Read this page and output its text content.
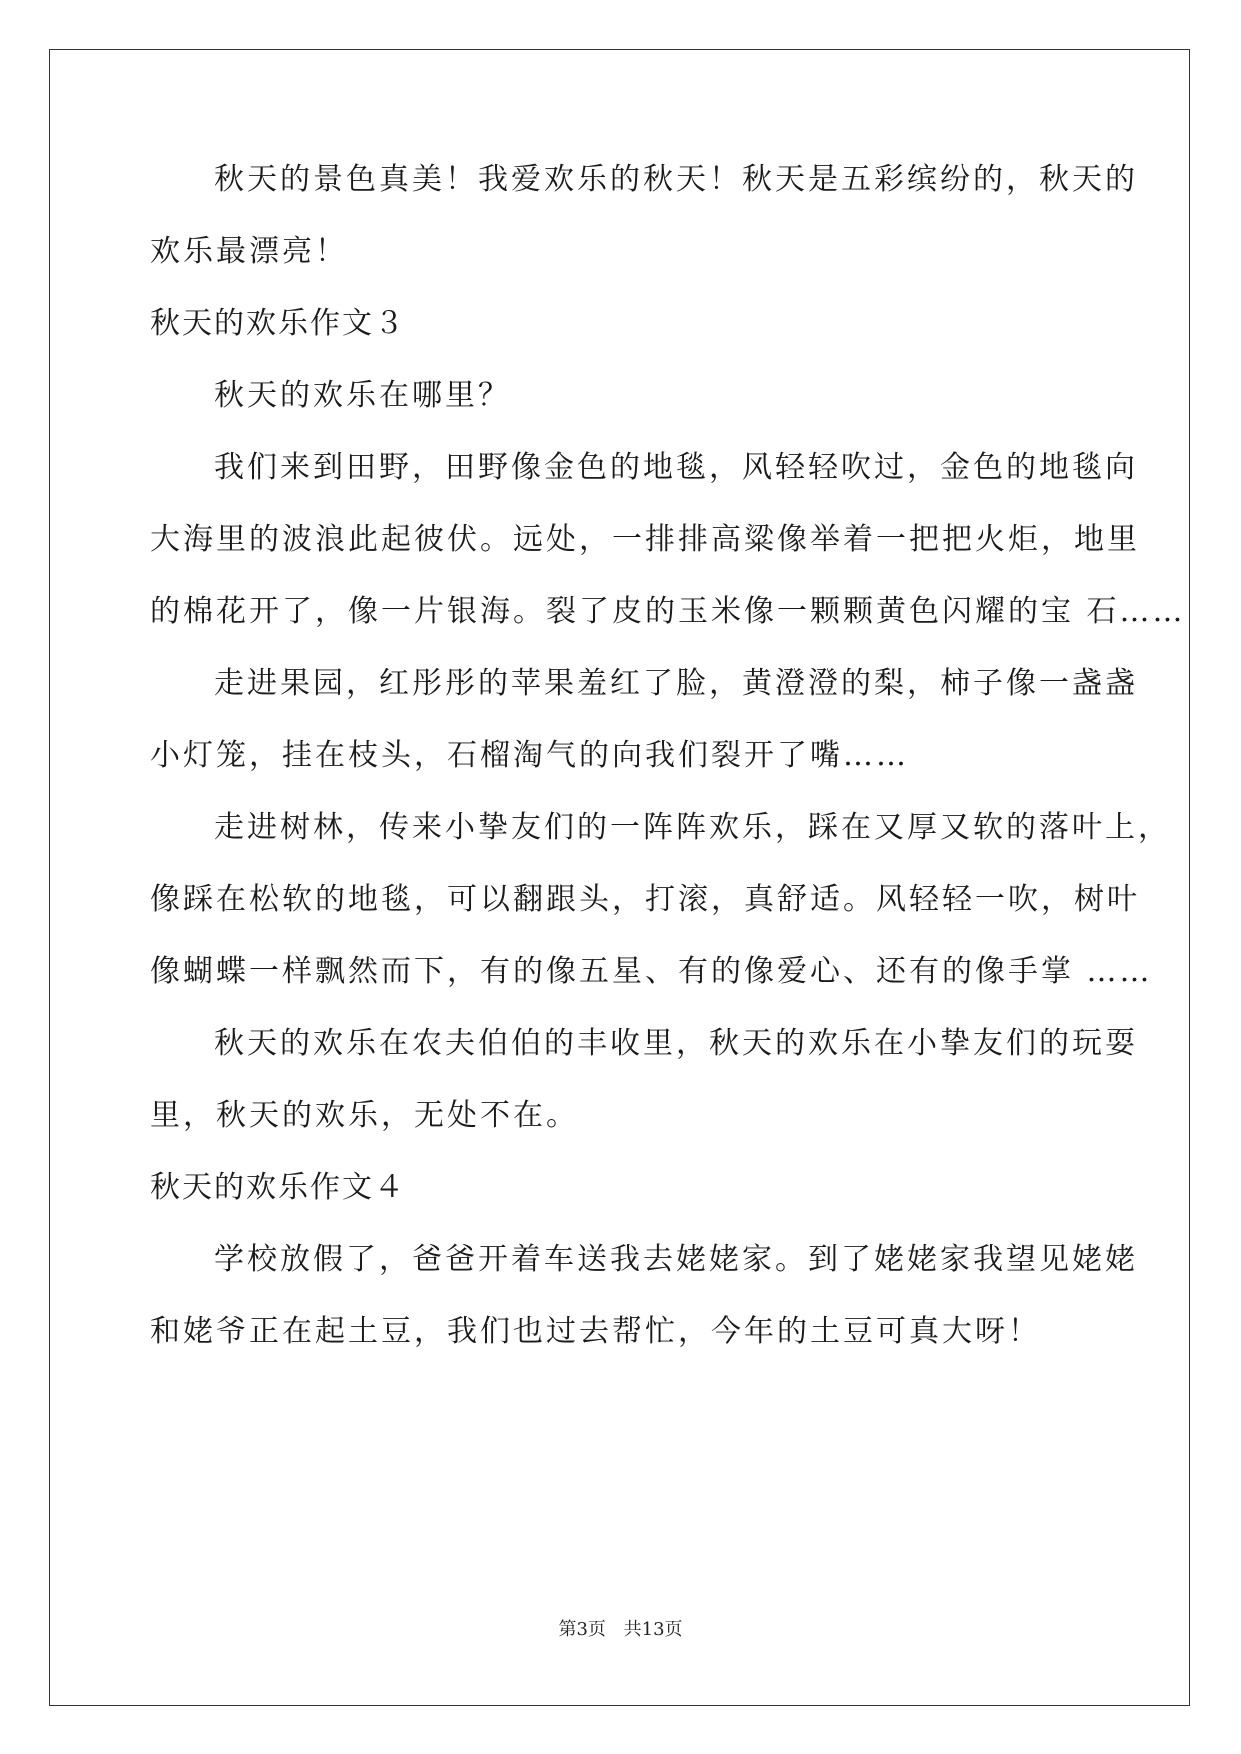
秋天的景色真美！我爱欢乐的秋天！秋天是五彩缤纷的，秋天的
欢乐最漂亮！
秋天的欢乐作文３
秋天的欢乐在哪里？
我们来到田野，田野像金色的地毯，风轻轻吹过，金色的地毯向
大海里的波浪此起彼伏。远处，一排排高粱像举着一把把火炬，地里
的棉花开了，像一片银海。裂了皮的玉米像一颗颗黄色闪耀的宝 石……
走进果园，红彤彤的苹果羞红了脸，黄澄澄的梨，柿子像一盏盏
小灯笼，挂在枝头，石榴淘气的向我们裂开了嘴……
走进树林，传来小挚友们的一阵阵欢乐，踩在又厚又软的落叶上，
像踩在松软的地毯，可以翻跟头，打滚，真舒适。风轻轻一吹，树叶
像蝴蝶一样飘然而下，有的像五星、有的像爱心、还有的像手掌 ……
秋天的欢乐在农夫伯伯的丰收里，秋天的欢乐在小挚友们的玩耍
里，秋天的欢乐，无处不在。
秋天的欢乐作文４
学校放假了，爸爸开着车送我去姥姥家。到了姥姥家我望见姥姥
和姥爷正在起土豆，我们也过去帮忙，今年的土豆可真大呀！
第3页 共13页
